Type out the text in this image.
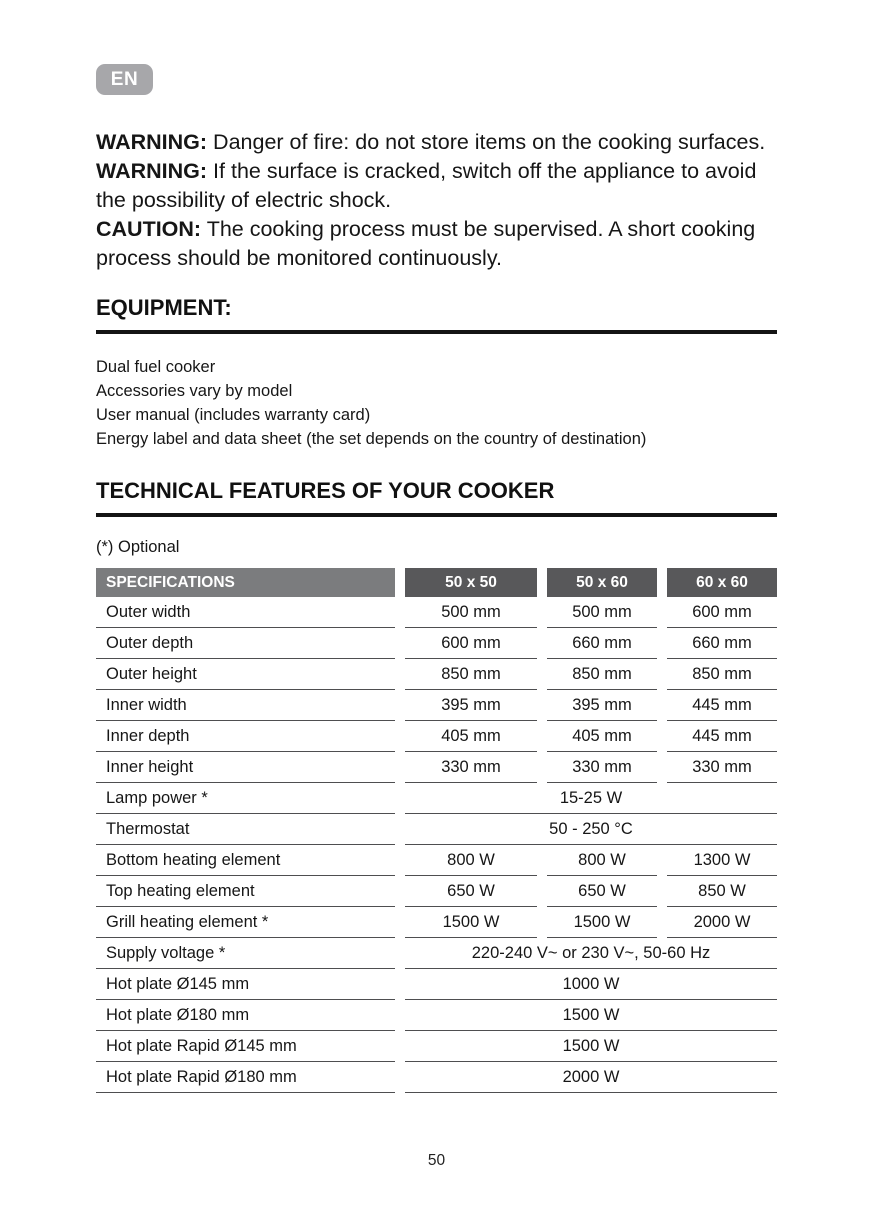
EN

WARNING: Danger of fire: do not store items on the cooking surfaces.

WARNING: If the surface is cracked, switch off the appliance to avoid the possibility of electric shock.

CAUTION: The cooking process must be supervised. A short cooking process should be monitored continuously.

EQUIPMENT:
Dual fuel cooker
Accessories vary by model
User manual (includes warranty card)
Energy label and data sheet (the set depends on the country of destination)
TECHNICAL FEATURES OF YOUR COOKER
(*) Optional
SPECIFICATIONS	50 x 50	50 x 60	60 x 60
Outer width	500 mm	500 mm	600 mm
Outer depth	600 mm	660 mm	660 mm
Outer height	850 mm	850 mm	850 mm
Inner width	395 mm	395 mm	445 mm
Inner depth	405 mm	405 mm	445 mm
Inner height	330 mm	330 mm	330 mm
Lamp power *	15-25 W
Thermostat	50 - 250 °C
Bottom heating element	800 W	800 W	1300 W
Top heating element	650 W	650 W	850 W
Grill heating element *	1500 W	1500 W	2000 W
Supply voltage *	220-240 V~ or 230 V~, 50-60 Hz
Hot plate Ø145 mm	1000 W
Hot plate Ø180 mm	1500 W
Hot plate Rapid Ø145 mm	1500 W
Hot plate Rapid Ø180 mm	2000 W
50
